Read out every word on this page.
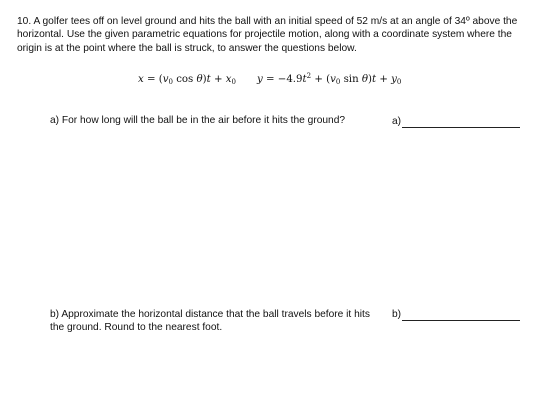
10. A golfer tees off on level ground and hits the ball with an initial speed of 52 m/s at an angle of 34º above the horizontal. Use the given parametric equations for projectile motion, along with a coordinate system where the origin is at the point where the ball is struck, to answer the questions below.

$x = (v_0$ $\cos \theta)t + x_0$ $y = -4.9t^2 + (v_0$ $\sin \theta)t + y_0$
a) For how long will the ball be in the air before it hits the ground?	a)
b) Approximate the horizontal distance that the ball travels before it hits the ground. Round to the nearest foot.
b)
